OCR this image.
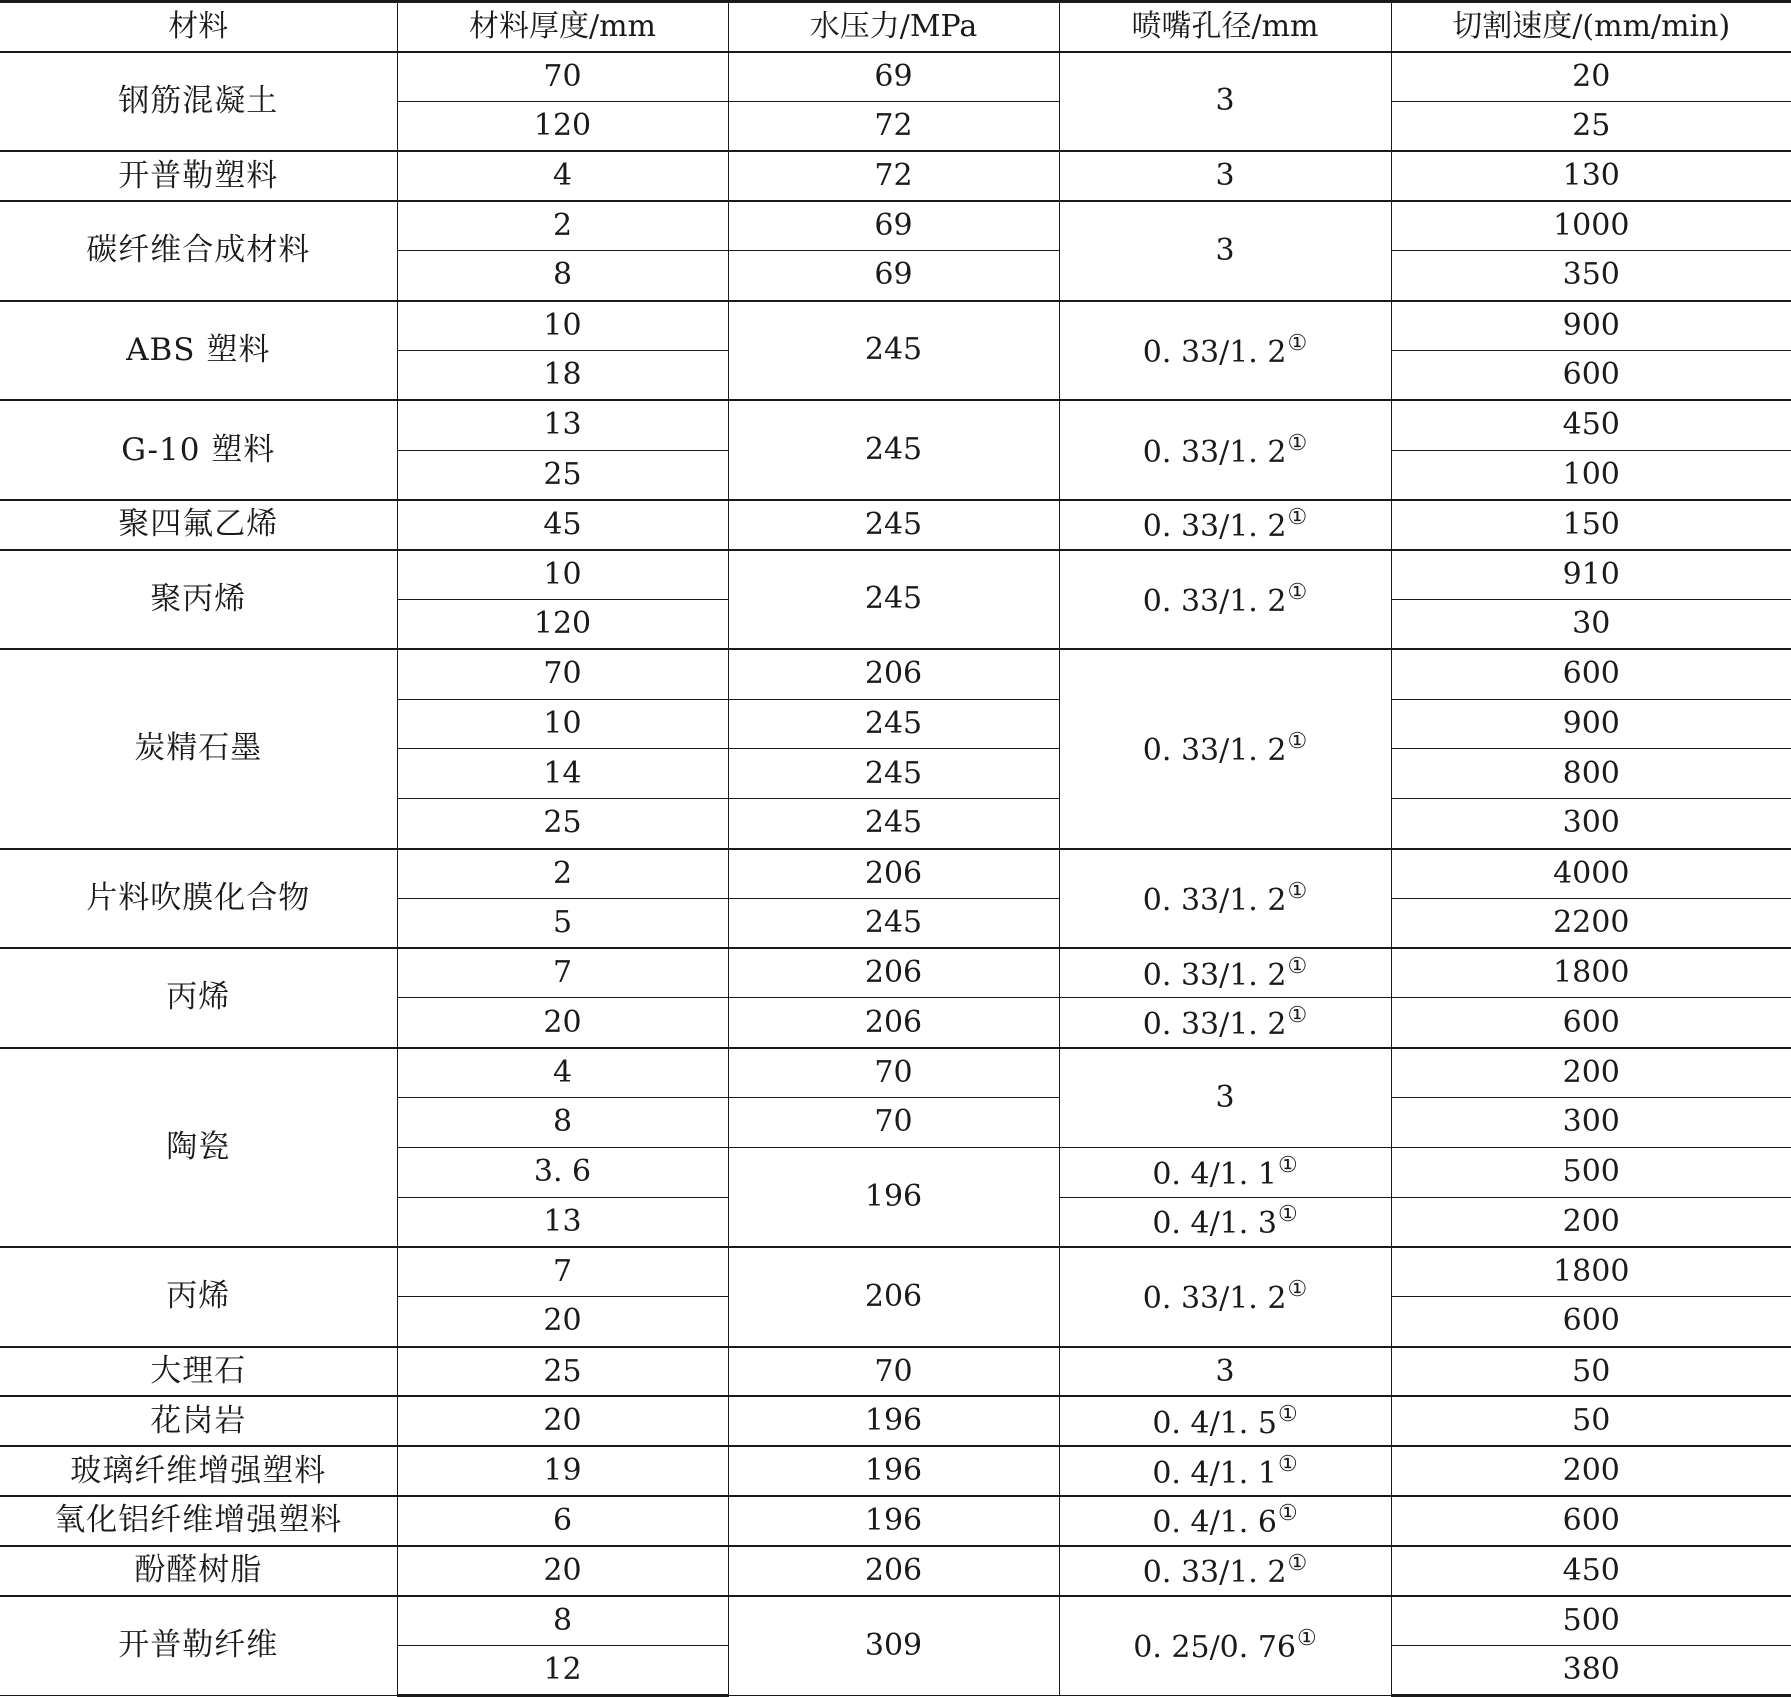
材料	材料厚度/mm	水压力/MPa	喷嘴孔径/mm	切割速度/(mm/min)
钢筋混凝土	70	69	3	20
	120	72		25
开普勒塑料	4	72	3	130
碳纤维合成材料	2	69	3	1000
	8	69		350
ABS 塑料	10	245	0. 33/1. 2①	900
	18			600
G-10 塑料	13	245	0. 33/1. 2①	450
	25			100
聚四氟乙烯	45	245	0. 33/1. 2①	150
聚丙烯	10	245	0. 33/1. 2①	910
	120			30
炭精石墨	70	206	0. 33/1. 2①	600
	10	245		900
	14	245		800
	25	245		300
片料吹膜化合物	2	206	0. 33/1. 2①	4000
	5	245		2200
丙烯	7	206	0. 33/1. 2①	1800
	20	206	0. 33/1. 2①	600
陶瓷	4	70	3	200
	8	70		300
	3. 6	196	0. 4/1. 1①	500
	13		0. 4/1. 3①	200
丙烯	7	206	0. 33/1. 2①	1800
	20			600
大理石	25	70	3	50
花岗岩	20	196	0. 4/1. 5①	50
玻璃纤维增强塑料	19	196	0. 4/1. 1①	200
氧化铝纤维增强塑料	6	196	0. 4/1. 6①	600
酚醛树脂	20	206	0. 33/1. 2①	450
开普勒纤维	8	309	0. 25/0. 76①	500
	12			380
